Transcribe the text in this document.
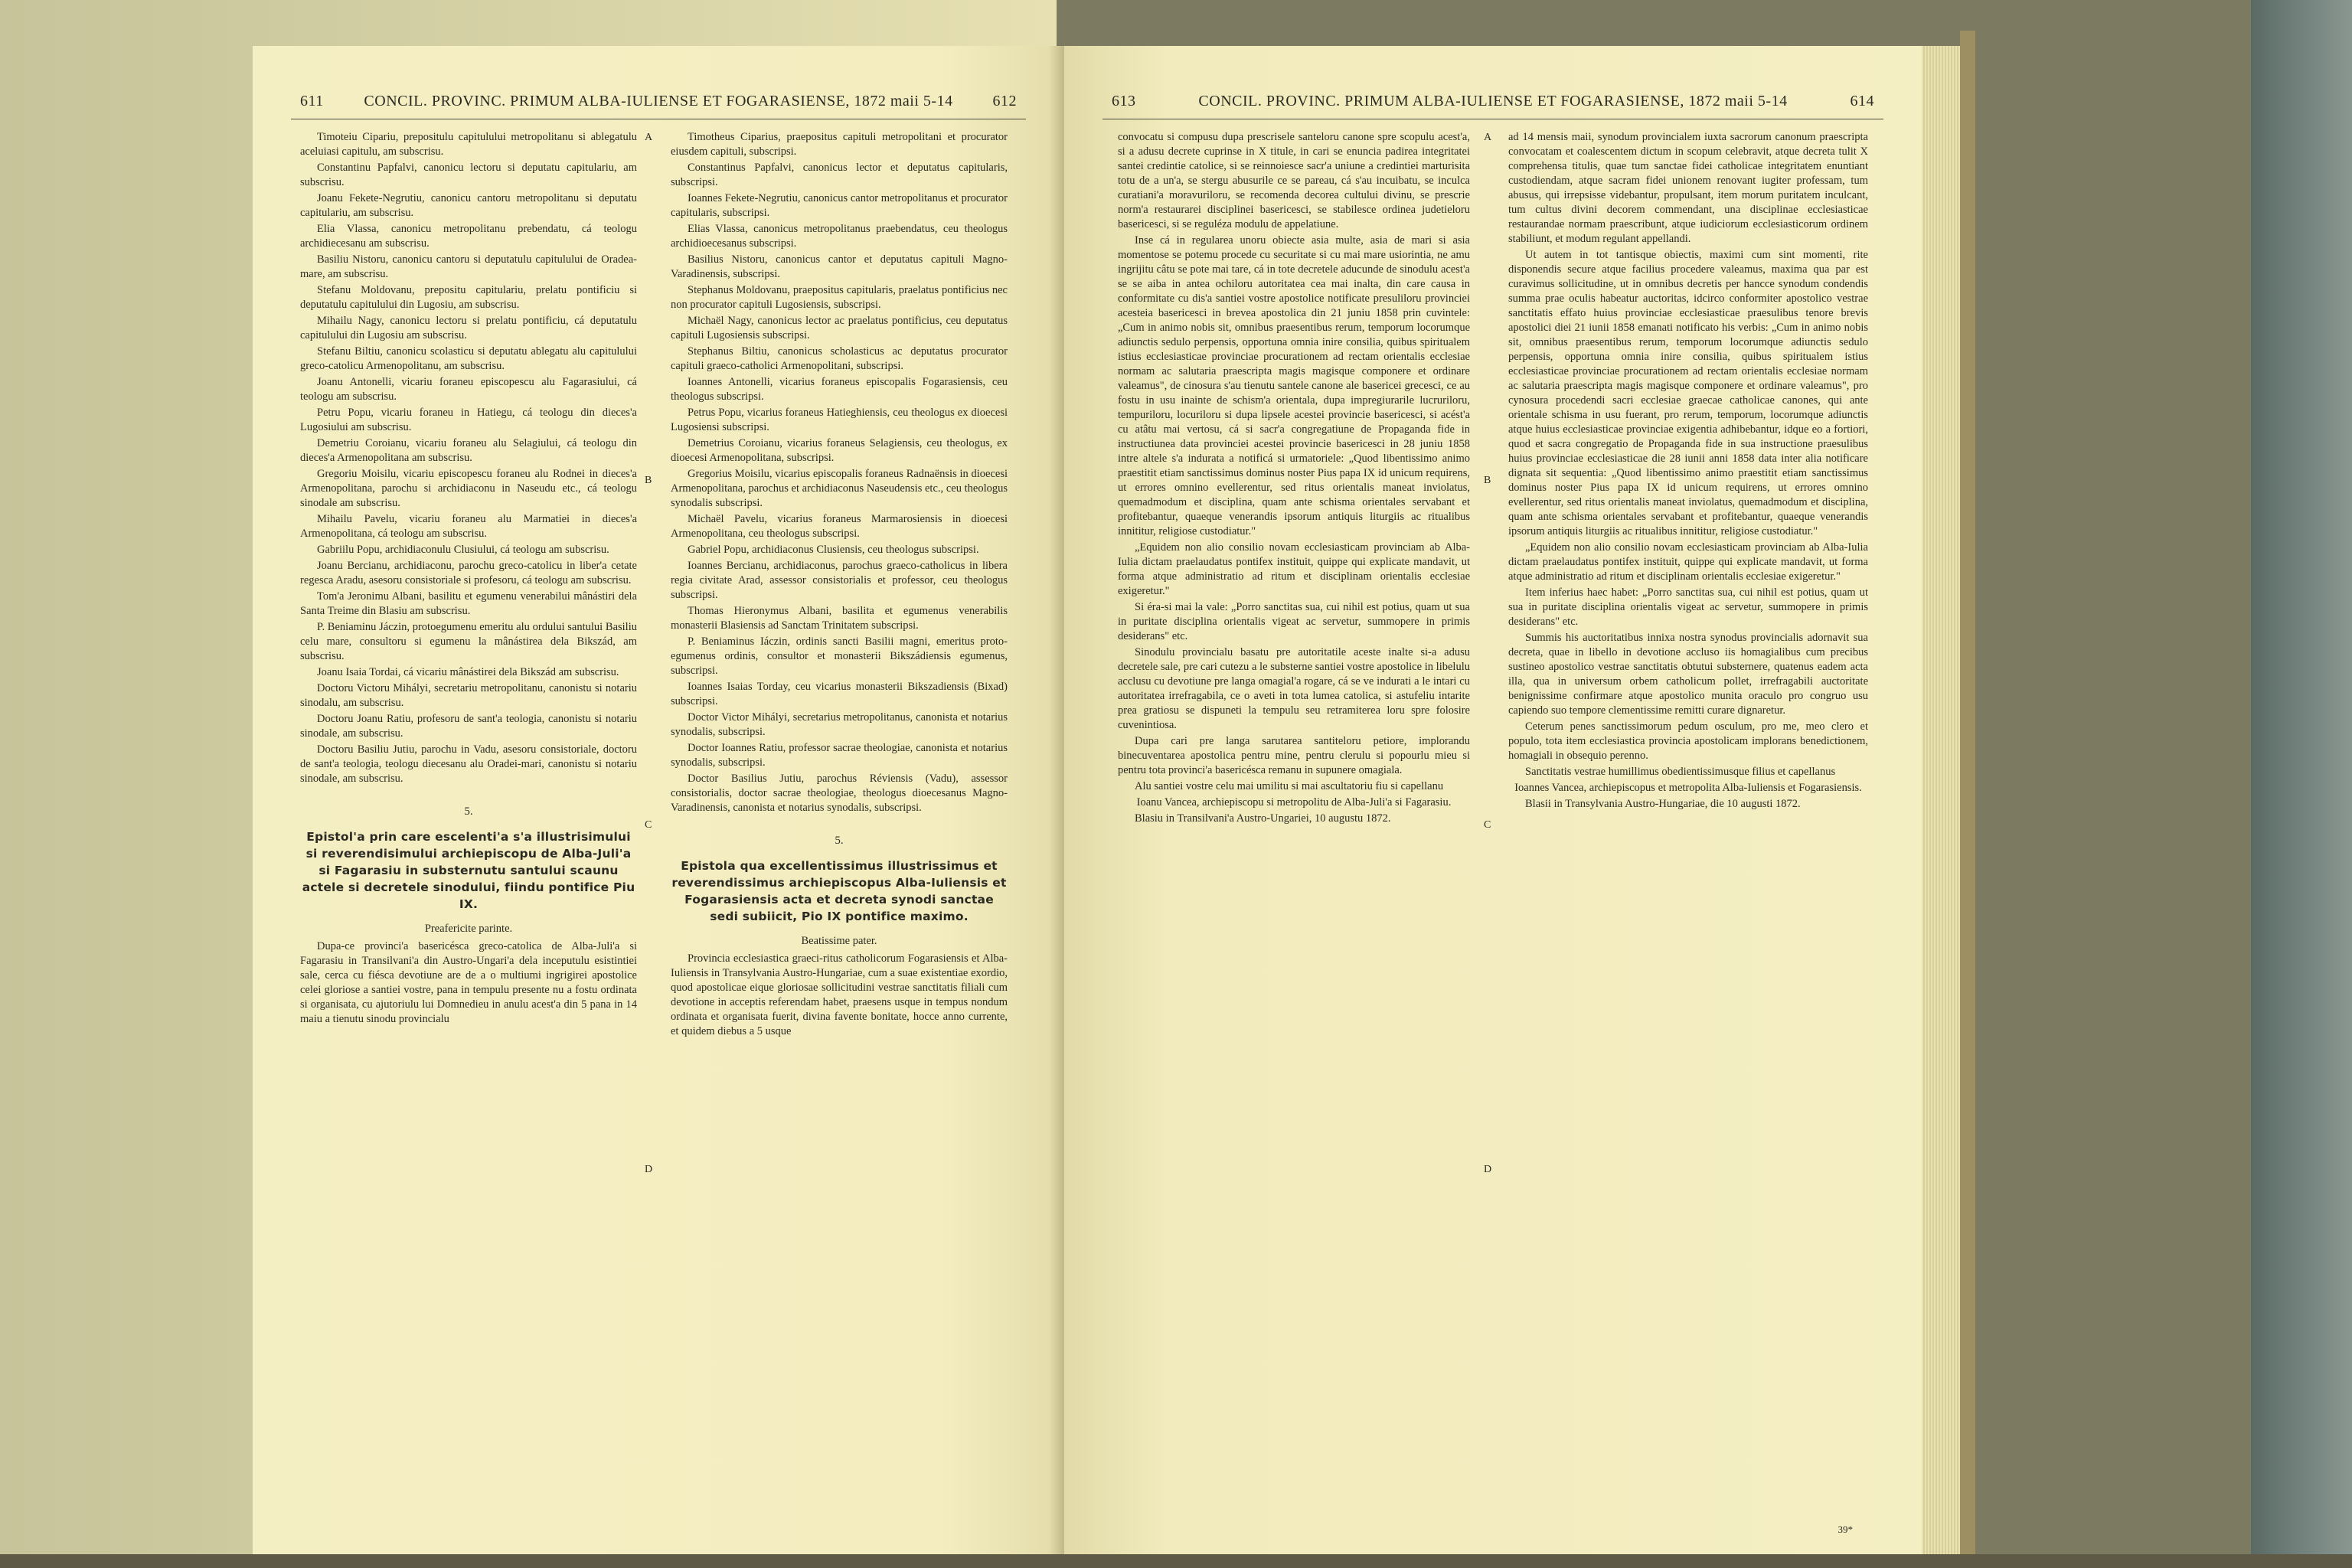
611	CONCIL. PROVINC. PRIMUM ALBA-IULIENSE ET FOGARASIENSE, 1872 maii 5-14	612

Timoteiu Cipariu, prepositulu capitulului metropolitanu si ablegatulu aceluiasi capitulu, am subscrisu.

Constantinu Papfalvi, canonicu lectoru si deputatu capitulariu, am subscrisu.

Joanu Fekete-Negrutiu, canonicu cantoru metropolitanu si deputatu capitulariu, am subscrisu.

Elia Vlassa, canonicu metropolitanu prebendatu, cá teologu archidiecesanu am subscrisu.

Basiliu Nistoru, canonicu cantoru si deputatulu capitulului de Oradea-mare, am subscrisu.

Stefanu Moldovanu, prepositu capitulariu, prelatu pontificiu si deputatulu capitulului din Lugosiu, am subscrisu.

Mihailu Nagy, canonicu lectoru si prelatu pontificiu, cá deputatulu capitulului din Lugosiu am subscrisu.

Stefanu Biltiu, canonicu scolasticu si deputatu ablegatu alu capitulului greco-catolicu Armenopolitanu, am subscrisu.

Joanu Antonelli, vicariu foraneu episcopescu alu Fagarasiului, cá teologu am subscrisu.

Petru Popu, vicariu foraneu in Hatiegu, cá teologu din dieces'a Lugosiului am subscrisu.

Demetriu Coroianu, vicariu foraneu alu Selagiului, cá teologu din dieces'a Armenopolitana am subscrisu.

Gregoriu Moisilu, vicariu episcopescu foraneu alu Rodnei in dieces'a Armenopolitana, parochu si archidiaconu in Naseudu etc., cá teologu sinodale am subscrisu.

Mihailu Pavelu, vicariu foraneu alu Marmatiei in dieces'a Armenopolitana, cá teologu am subscrisu.

Gabriilu Popu, archidiaconulu Clusiului, cá teologu am subscrisu.

Joanu Bercianu, archidiaconu, parochu greco-catolicu in liber'a cetate regesca Aradu, asesoru consistoriale si profesoru, cá teologu am subscrisu.

Tom'a Jeronimu Albani, basilitu et egumenu venerabilui mânástiri dela Santa Treime din Blasiu am subscrisu.

P. Beniaminu Jáczin, protoegumenu emeritu alu ordului santului Basiliu celu mare, consultoru si egumenu la mânástirea dela Bikszád, am subscrisu.

Joanu Isaia Tordai, cá vicariu mânástirei dela Bikszád am subscrisu.

Doctoru Victoru Mihályi, secretariu metropolitanu, canonistu si notariu sinodalu, am subscrisu.

Doctoru Joanu Ratiu, profesoru de sant'a teologia, canonistu si notariu sinodale, am subscrisu.

Doctoru Basiliu Jutiu, parochu in Vadu, asesoru consistoriale, doctoru de sant'a teologia, teologu diecesanu alu Oradei-mari, canonistu si notariu sinodale, am subscrisu.

5.
Epistol'a prin care escelenti'a s'a illustrisimului si reverendisimului archiepiscopu de Alba-Juli'a si Fagarasiu in substernutu santului scaunu actele si decretele sinodului, fiindu pontifice Piu IX.
Preafericite parinte.

Dupa-ce provinci'a basericésca greco-catolica de Alba-Juli'a si Fagarasiu in Transilvani'a din Austro-Ungari'a dela inceputulu esistintiei sale, cerca cu fiésca devotiune are de a o multiumi ingrigirei apostolice celei gloriose a santiei vostre, pana in tempulu presente nu a fostu ordinata si organisata, cu ajutoriulu lui Domnedieu in anulu acest'a din 5 pana in 14 maiu a tienutu sinodu provincialu

Timotheus Ciparius, praepositus capituli metropolitani et procurator eiusdem capituli, subscripsi.

Constantinus Papfalvi, canonicus lector et deputatus capitularis, subscripsi.

Ioannes Fekete-Negrutiu, canonicus cantor metropolitanus et procurator capitularis, subscripsi.

Elias Vlassa, canonicus metropolitanus praebendatus, ceu theologus archidioecesanus subscripsi.

Basilius Nistoru, canonicus cantor et deputatus capituli Magno-Varadinensis, subscripsi.

Stephanus Moldovanu, praepositus capitularis, praelatus pontificius nec non procurator capituli Lugosiensis, subscripsi.

Michaël Nagy, canonicus lector ac praelatus pontificius, ceu deputatus capituli Lugosiensis subscripsi.

Stephanus Biltiu, canonicus scholasticus ac deputatus procurator capituli graeco-catholici Armenopolitani, subscripsi.

Ioannes Antonelli, vicarius foraneus episcopalis Fogarasiensis, ceu theologus subscripsi.

Petrus Popu, vicarius foraneus Hatieghiensis, ceu theologus ex dioecesi Lugosiensi subscripsi.

Demetrius Coroianu, vicarius foraneus Selagiensis, ceu theologus, ex dioecesi Armenopolitana, subscripsi.

Gregorius Moisilu, vicarius episcopalis foraneus Radnaënsis in dioecesi Armenopolitana, parochus et archidiaconus Naseudensis etc., ceu theologus synodalis subscripsi.

Michaël Pavelu, vicarius foraneus Marmarosiensis in dioecesi Armenopolitana, ceu theologus subscripsi.

Gabriel Popu, archidiaconus Clusiensis, ceu theologus subscripsi.

Ioannes Bercianu, archidiaconus, parochus graeco-catholicus in libera regia civitate Arad, assessor consistorialis et professor, ceu theologus subscripsi.

Thomas Hieronymus Albani, basilita et egumenus venerabilis monasterii Blasiensis ad Sanctam Trinitatem subscripsi.

P. Beniaminus Iáczin, ordinis sancti Basilii magni, emeritus proto-egumenus ordinis, consultor et monasterii Bikszádiensis egumenus, subscripsi.

Ioannes Isaias Torday, ceu vicarius monasterii Bikszadiensis (Bixad) subscripsi.

Doctor Victor Mihályi, secretarius metropolitanus, canonista et notarius synodalis, subscripsi.

Doctor Ioannes Ratiu, professor sacrae theologiae, canonista et notarius synodalis, subscripsi.

Doctor Basilius Jutiu, parochus Réviensis (Vadu), assessor consistorialis, doctor sacrae theologiae, theologus dioecesanus Magno-Varadinensis, canonista et notarius synodalis, subscripsi.

5.
Epistola qua excellentissimus illustrissimus et reverendissimus archiepiscopus Alba-Iuliensis et Fogarasiensis acta et decreta synodi sanctae sedi subiicit, Pio IX pontifice maximo.
Beatissime pater.

Provincia ecclesiastica graeci-ritus catholicorum Fogarasiensis et Alba-Iuliensis in Transylvania Austro-Hungariae, cum a suae existentiae exordio, quod apostolicae eique gloriosae sollicitudini vestrae sanctitatis filiali cum devotione in acceptis referendam habet, praesens usque in tempus nondum ordinata et organisata fuerit, divina favente bonitate, hocce anno currente, et quidem diebus a 5 usque

A
B
C
D
613	CONCIL. PROVINC. PRIMUM ALBA-IULIENSE ET FOGARASIENSE, 1872 maii 5-14	614

convocatu si compusu dupa prescrisele santeloru canone spre scopulu acest'a, si a adusu decrete cuprinse in X titule, in cari se enuncia padirea integritatei santei credintie catolice, si se reinnoiesce sacr'a uniune a credintiei marturisita totu de a un'a, se stergu abusurile ce se pareau, cá s'au incuibatu, se inculca curatiani'a moravuriloru, se recomenda decorea cultului divinu, se prescrie norm'a restaurarei disciplinei basericesci, se stabilesce ordinea judetieloru basericesci, si se reguléza modulu de appelatiune.

Inse cá in regularea unoru obiecte asia multe, asia de mari si asia momentose se potemu procede cu securitate si cu mai mare usiorintia, ne amu ingrijitu câtu se pote mai tare, cá in tote decretele aducunde de sinodulu acest'a se se aiba in antea ochiloru autoritatea cea mai inalta, din care causa in conformitate cu dis'a santiei vostre apostolice notificate presuliloru provinciei acesteia basericesci in breveа apostolica din 21 juniu 1858 prin cuvintele: „Cum in animo nobis sit, omnibus praesentibus rerum, temporum locorumque adiunctis sedulo perpensis, opportuna omnia inire consilia, quibus spiritualem istius ecclesiasticae provinciae procurationem ad rectam orientalis ecclesiae normam ac salutaria praescripta magis magisque componere et ordinare valeamus", de cinosura s'au tienutu santele canone ale basericei grecesci, ce au fostu in usu inainte de schism'a orientala, dupa impregiurarile lucruriloru, tempuriloru, locuriloru si dupa lipsele acestei provincie basericesci, si acést'a cu atâtu mai vertosu, cá si sacr'a congregatiune de Propaganda fide in instructiunea data provinciei acestei provincie basericesci in 28 juniu 1858 intre altele s'a indurata a notificá si urmatoriele: „Quod libentissimo animo praestitit etiam sanctissimus dominus noster Pius papa IX id unicum requirens, ut errores omnino evellerentur, sed ritus orientalis maneat inviolatus, quemadmodum et disciplina, quam ante schisma orientales servabant et profitebantur, quaeque venerandis ipsorum antiquis liturgiis ac ritualibus innititur, religiose custodiatur."

„Equidem non alio consilio novam ecclesiasticam provinciam ab Alba-Iulia dictam praelaudatus pontifex instituit, quippe qui explicate mandavit, ut forma atque administratio ad ritum et disciplinam orientalis ecclesiae exigeretur."

Si éra-si mai la vale: „Porro sanctitas sua, cui nihil est potius, quam ut sua in puritate disciplina orientalis vigeat ac servetur, summopere in primis desiderans" etc.

Sinodulu provincialu basatu pre autoritatile aceste inalte si-a adusu decretele sale, pre cari cutezu a le substerne santiei vostre apostolice in libelulu acclusu cu devotiune pre langa omagial'a rogare, cá se ve indurati a le intari cu autoritatea irrefragabila, ce o aveti in tota lumea catolica, si astufeliu intarite prea gratiosu se dispuneti la tempulu seu retramiterea loru spre folosire cuvenintiosa.

Dupa cari pre langa sarutarea santiteloru petiore, implorandu binecuventarea apostolica pentru mine, pentru clerulu si popourlu mieu si pentru tota provinci'a basericésca remanu in supunere omagiala.

Alu santiei vostre celu mai umilitu si mai ascultatoriu fiu si capellanu

Ioanu Vancea, archiepiscopu si metropolitu de Alba-Juli'a si Fagarasiu.

Blasiu in Transilvani'a Austro-Ungariei, 10 augustu 1872.

ad 14 mensis maii, synodum provincialem iuxta sacrorum canonum praescripta convocatam et coalescentem dictum in scopum celebravit, atque decreta tulit X comprehensa titulis, quae tum sanctae fidei catholicae integritatem enuntiant custodiendam, atque sacram fidei unionem renovant iugiter professam, tum abusus, qui irrepsisse videbantur, propulsant, item morum puritatem inculcant, tum cultus divini decorem commendant, una disciplinae ecclesiasticae restaurandae normam praescribunt, atque iudiciorum ecclesiasticorum ordinem stabiliunt, et modum regulant appellandi.

Ut autem in tot tantisque obiectis, maximi cum sint momenti, rite disponendis secure atque facilius procedere valeamus, maxima qua par est curavimus sollicitudine, ut in omnibus decretis per hancce synodum condendis summa prae oculis habeatur auctoritas, idcirco conformiter apostolico vestrae sanctitatis effato huius provinciae ecclesiasticae praesulibus tenore brevis apostolici diei 21 iunii 1858 emanati notificato his verbis: „Cum in animo nobis sit, omnibus praesentibus rerum, temporum locorumque adiunctis sedulo perpensis, opportuna omnia inire consilia, quibus spiritualem istius ecclesiasticae provinciae procurationem ad rectam orientalis ecclesiae normam ac salutaria praescripta magis magisque componere et ordinare valeamus", pro cynosura procedendi sacri ecclesiae graecae catholicae canones, qui ante orientale schisma in usu fuerant, pro rerum, temporum, locorumque adiunctis atque huius ecclesiasticae provinciae exigentia adhibebantur, idque eo a fortiori, quod et sacra congregatio de Propaganda fide in sua instructione praesulibus huius provinciae ecclesiasticae die 28 iunii anni 1858 data inter alia notificare dignata sit sequentia: „Quod libentissimo animo praestitit etiam sanctissimus dominus noster Pius papa IX id unicum requirens, ut errores omnino evellerentur, sed ritus orientalis maneat inviolatus, quemadmodum et disciplina, quam ante schisma orientales servabant et profitebantur, quaeque venerandis ipsorum antiquis liturgiis ac ritualibus innititur, religiose custodiatur."

„Equidem non alio consilio novam ecclesiasticam provinciam ab Alba-Iulia dictam praelaudatus pontifex instituit, quippe qui explicate mandavit, ut forma atque administratio ad ritum et disciplinam orientalis ecclesiae exigeretur."

Item inferius haec habet: „Porro sanctitas sua, cui nihil est potius, quam ut sua in puritate disciplina orientalis vigeat ac servetur, summopere in primis desiderans" etc.

Summis his auctoritatibus innixa nostra synodus provincialis adornavit sua decreta, quae in libello in devotione accluso iis homagialibus cum precibus sustineo apostolico vestrae sanctitatis obtutui substernere, quatenus eadem acta illa, qua in universum orbem catholicum pollet, irrefragabili auctoritate benignissime confirmare atque apostolico munita oraculo pro congruo usu capiendo suo tempore clementissime remitti curare dignaretur.

Ceterum penes sanctissimorum pedum osculum, pro me, meo clero et populo, tota item ecclesiastica provincia apostolicam implorans benedictionem, homagiali in obsequio perenno.

Sanctitatis vestrae humillimus obedientissimusque filius et capellanus

Ioannes Vancea, archiepiscopus et metropolita Alba-Iuliensis et Fogarasiensis.

Blasii in Transylvania Austro-Hungariae, die 10 augusti 1872.

A
B
C
D
39*
